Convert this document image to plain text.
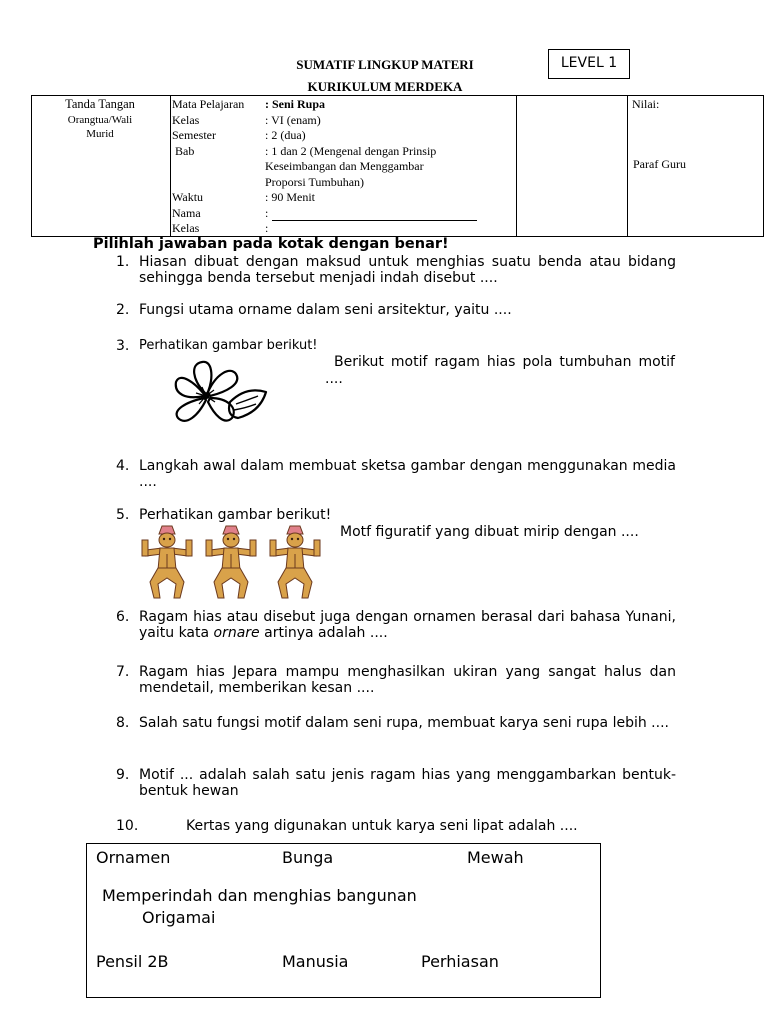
SUMATIF LINGKUP MATERI
KURIKULUM MERDEKA
LEVEL 1
Tanda Tangan
Orangtua/Wali
Murid
Mata Pelajaran : Seni Rupa
Kelas	: VI (enam)
Semester	: 2 (dua)
Bab	: 1 dan 2 (Mengenal dengan Prinsip
Keseimbangan dan Menggambar
Proporsi Tumbuhan)
Waktu	: 90 Menit
Nama	:
Kelas	:
Nilai:
Paraf Guru
Pilihlah jawaban pada kotak dengan benar!
1. Hiasan dibuat dengan maksud untuk menghias suatu benda atau bidang sehingga benda tersebut menjadi indah disebut ....
2. Fungsi utama orname dalam seni arsitektur, yaitu ....
3. Perhatikan gambar berikut!
Berikut motif ragam hias pola tumbuhan motif ....
4. Langkah awal dalam membuat sketsa gambar dengan menggunakan media ....
5. Perhatikan gambar berikut!
Motf figuratif yang dibuat mirip dengan ....
6. Ragam hias atau disebut juga dengan ornamen berasal dari bahasa Yunani, yaitu kata ornare artinya adalah ....
7. Ragam hias Jepara mampu menghasilkan ukiran yang sangat halus dan mendetail, memberikan kesan ....
8. Salah satu fungsi motif dalam seni rupa, membuat karya seni rupa lebih ....
9. Motif ... adalah salah satu jenis ragam hias yang menggambarkan bentuk-bentuk hewan
10.	Kertas yang digunakan untuk karya seni lipat adalah ....
Ornamen	Bunga	Mewah
Memperindah dan menghias bangunan
Origamai
Pensil 2B	Manusia	Perhiasan
